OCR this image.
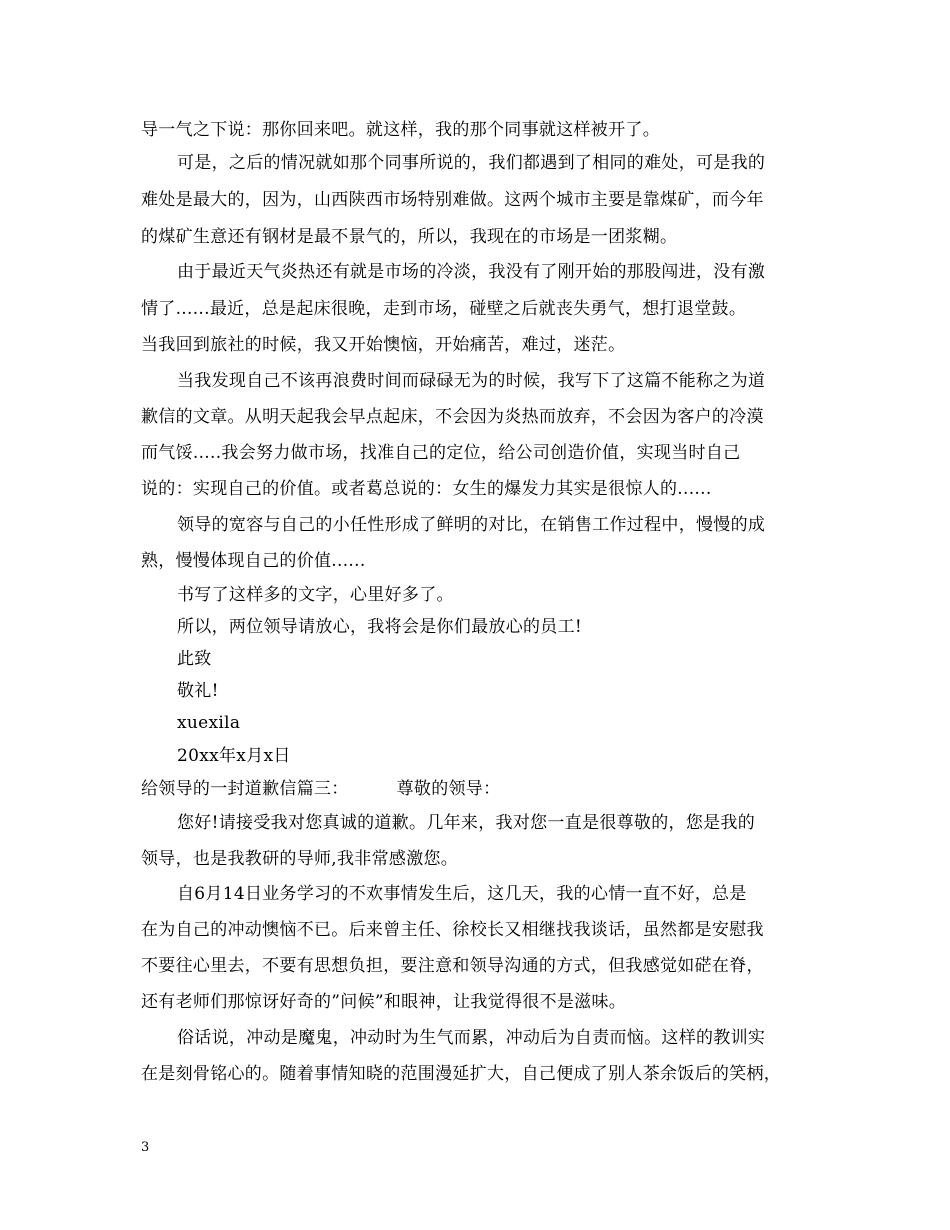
导一气之下说：那你回来吧。就这样，我的那个同事就这样被开了。
可是，之后的情况就如那个同事所说的，我们都遇到了相同的难处，可是我的
难处是最大的，因为，山西陕西市场特别难做。这两个城市主要是靠煤矿，而今年
的煤矿生意还有钢材是最不景气的，所以，我现在的市场是一团浆糊。
由于最近天气炎热还有就是市场的冷淡，我没有了刚开始的那股闯进，没有激
情了......最近，总是起床很晚，走到市场，碰壁之后就丧失勇气，想打退堂鼓。
当我回到旅社的时候，我又开始懊恼，开始痛苦，难过，迷茫。
当我发现自己不该再浪费时间而碌碌无为的时候，我写下了这篇不能称之为道
歉信的文章。从明天起我会早点起床，不会因为炎热而放弃，不会因为客户的冷漠
而气馁.....我会努力做市场，找准自己的定位，给公司创造价值，实现当时自己
说的：实现自己的价值。或者葛总说的：女生的爆发力其实是很惊人的......
领导的宽容与自己的小任性形成了鲜明的对比，在销售工作过程中，慢慢的成
熟，慢慢体现自己的价值......
书写了这样多的文字，心里好多了。
所以，两位领导请放心，我将会是你们最放心的员工!
此致
敬礼!
xuexila
20xx年x月x日
给领导的一封道歉信篇三：	尊敬的领导：
您好!请接受我对您真诚的道歉。几年来，我对您一直是很尊敬的，您是我的
领导，也是我教研的导师,我非常感激您。
自6月14日业务学习的不欢事情发生后，这几天，我的心情一直不好，总是
在为自己的冲动懊恼不已。后来曾主任、徐校长又相继找我谈话，虽然都是安慰我
不要往心里去，不要有思想负担，要注意和领导沟通的方式，但我感觉如硭在脊，
还有老师们那惊讶好奇的”问候”和眼神，让我觉得很不是滋味。
俗话说，冲动是魔鬼，冲动时为生气而累，冲动后为自责而恼。这样的教训实
在是刻骨铭心的。随着事情知晓的范围漫延扩大，自己便成了别人茶余饭后的笑柄，
3
